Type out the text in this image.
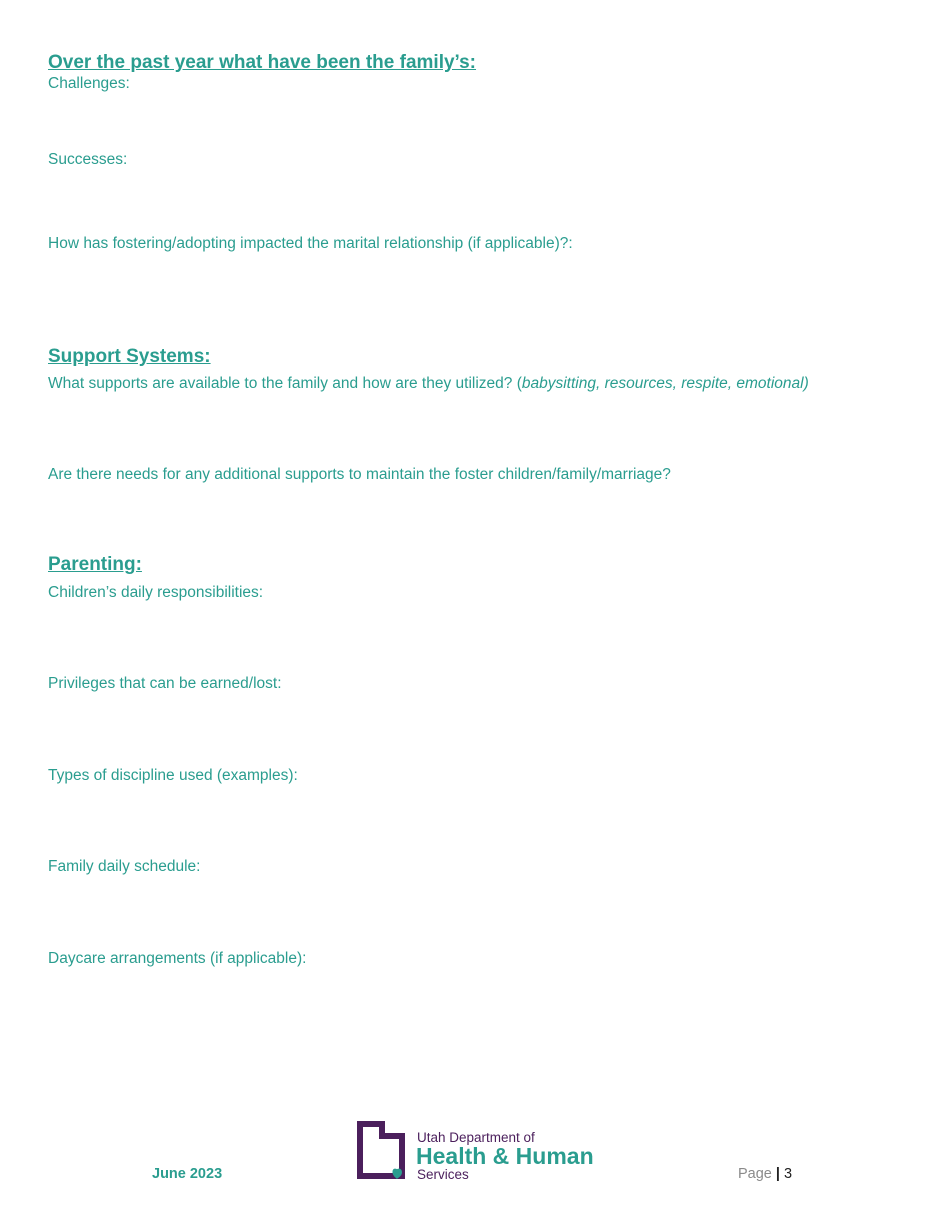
Over the past year what have been the family’s:
Challenges:
Successes:
How has fostering/adopting impacted the marital relationship (if applicable)?:
Support Systems:
What supports are available to the family and how are they utilized? (babysitting, resources, respite, emotional)
Are there needs for any additional supports to maintain the foster children/family/marriage?
Parenting:
Children’s daily responsibilities:
Privileges that can be earned/lost:
Types of discipline used (examples):
Family daily schedule:
Daycare arrangements (if applicable):
June 2023
Utah Department of
Health & Human
Services	Page | 3
